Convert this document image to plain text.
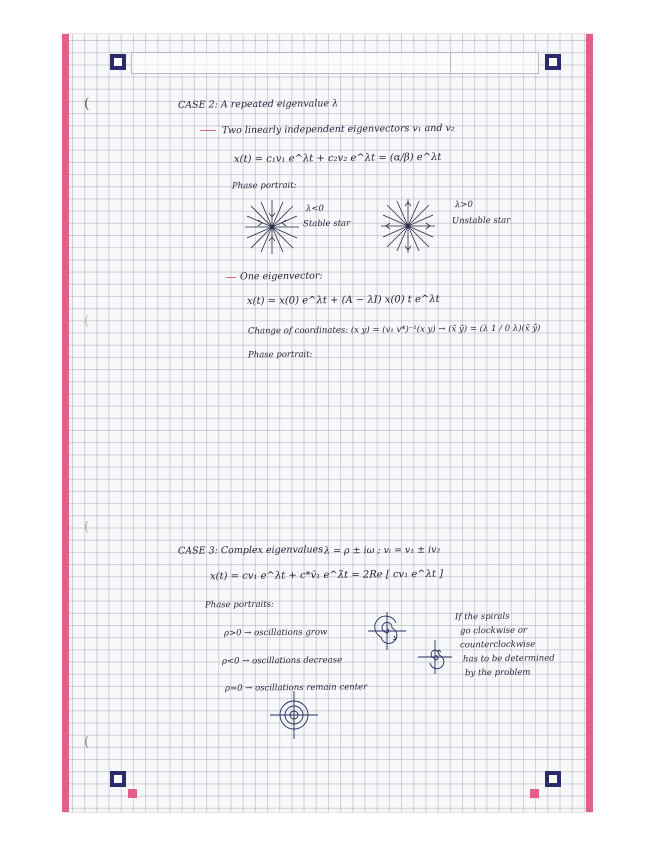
(
(
(
(
CASE 2: A repeated eigenvalue λ
Two linearly independent eigenvectors v₁ and v₂
x(t) = c₁v₁ e^λt + c₂v₂ e^λt = (α/β) e^λt
Phase portrait:
λ<0
Stable star
λ>0
Unstable star
One eigenvector:
x(t) = x(0) e^λt + (A − λI) x(0) t e^λt
Change of coordinates: (x y) = (v₁ v*)⁻¹(x y) → (x̃ ỹ) = (λ 1 / 0 λ)(x̃ ỹ)
Phase portrait:
CASE 3: Complex eigenvalues λ = ρ ± iω ; vᵢ = v₁ ± iv₂
x(t) = cv₁ e^λt + c*v̄₁ e^λ̄t = 2Re [ cv₁ e^λt ]
Phase portraits:
ρ>0 → oscillations grow
ρ<0 → oscillations decrease
ρ=0 → oscillations remain center
If the spirals
go clockwise or
counterclockwise
has to be determined
by the problem
